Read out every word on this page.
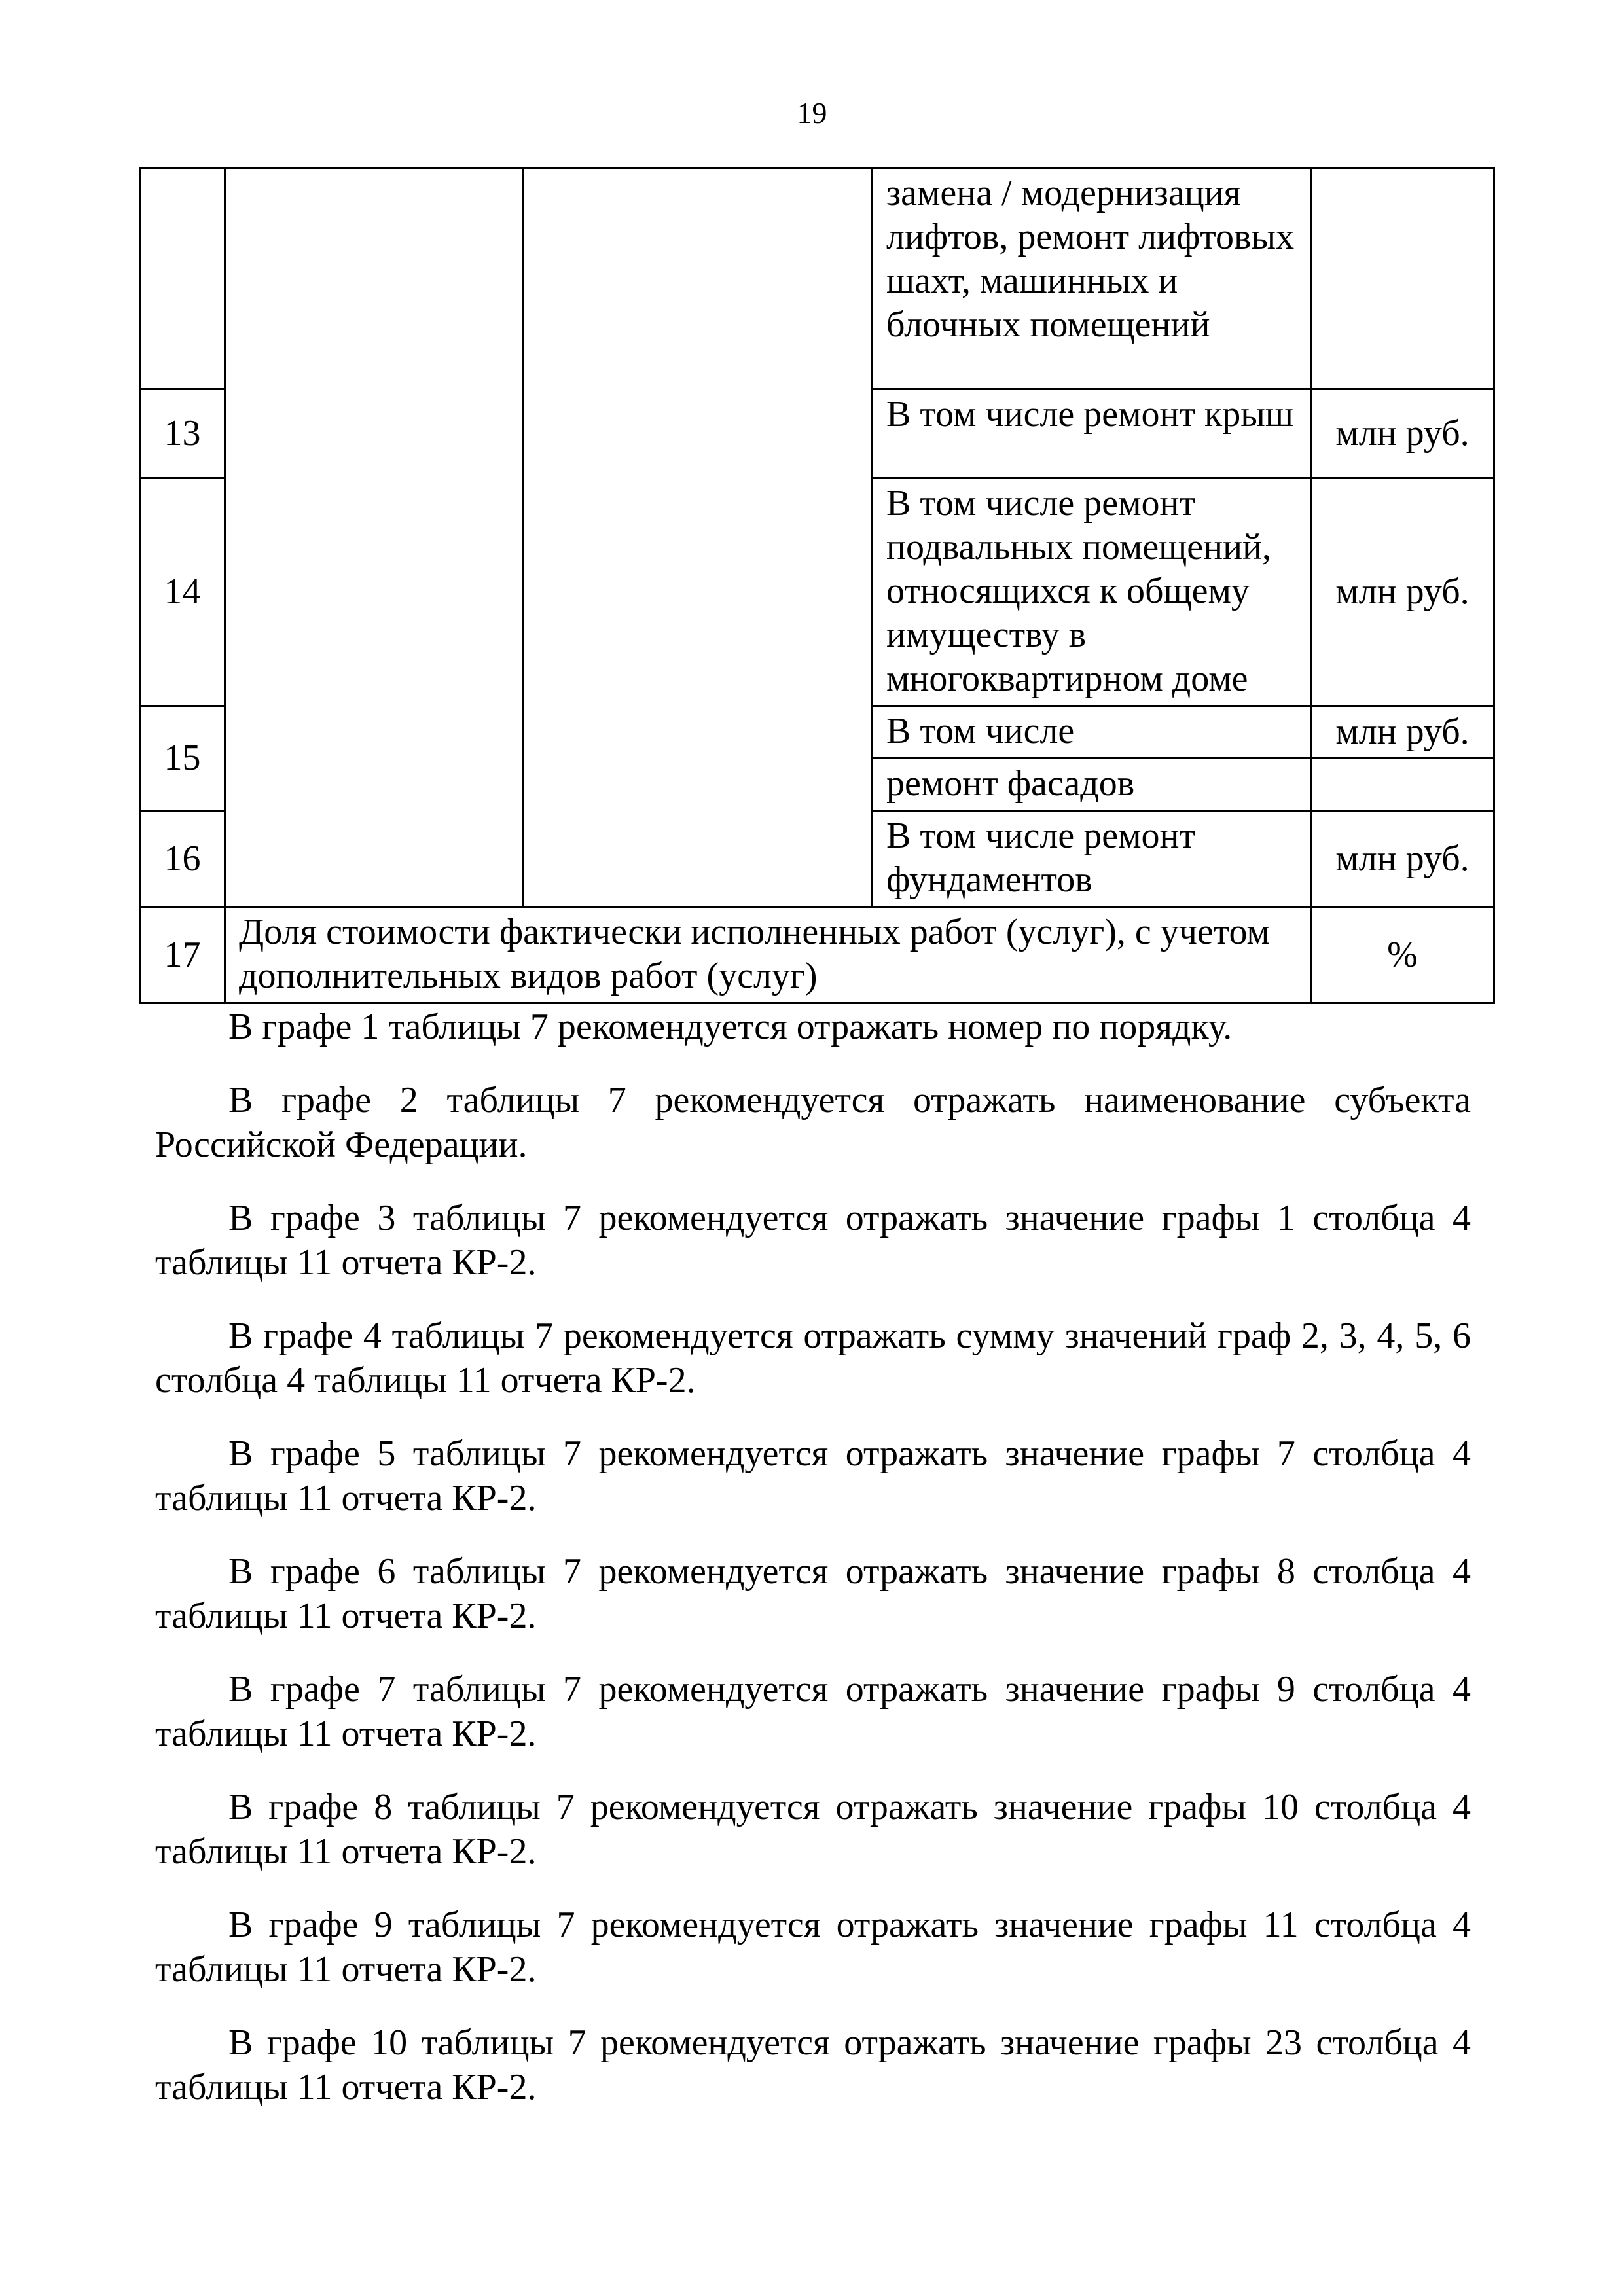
19
			замена / модернизация лифтов, ремонт лифтовых шахт, машинных и блочных помещений	
13			В том числе ремонт крыш	млн руб.
14			В том числе ремонт подвальных помещений, относящихся к общему имуществу в многоквартирном доме	млн руб.
15			В том числе	млн руб.
			ремонт фасадов	
16			В том числе ремонт фундаментов	млн руб.
17	Доля стоимости фактически исполненных работ (услуг), с учетом дополнительных видов работ (услуг)			%

В графе 1 таблицы 7 рекомендуется отражать номер по порядку.

В графе 2 таблицы 7 рекомендуется отражать наименование субъекта Российской Федерации.

В графе 3 таблицы 7 рекомендуется отражать значение графы 1 столбца 4 таблицы 11 отчета КР-2.

В графе 4 таблицы 7 рекомендуется отражать сумму значений граф 2, 3, 4, 5, 6 столбца 4 таблицы 11 отчета КР-2.

В графе 5 таблицы 7 рекомендуется отражать значение графы 7 столбца 4 таблицы 11 отчета КР-2.

В графе 6 таблицы 7 рекомендуется отражать значение графы 8 столбца 4 таблицы 11 отчета КР-2.

В графе 7 таблицы 7 рекомендуется отражать значение графы 9 столбца 4 таблицы 11 отчета КР-2.

В графе 8 таблицы 7 рекомендуется отражать значение графы 10 столбца 4 таблицы 11 отчета КР-2.

В графе 9 таблицы 7 рекомендуется отражать значение графы 11 столбца 4 таблицы 11 отчета КР-2.

В графе 10 таблицы 7 рекомендуется отражать значение графы 23 столбца 4 таблицы 11 отчета КР-2.
